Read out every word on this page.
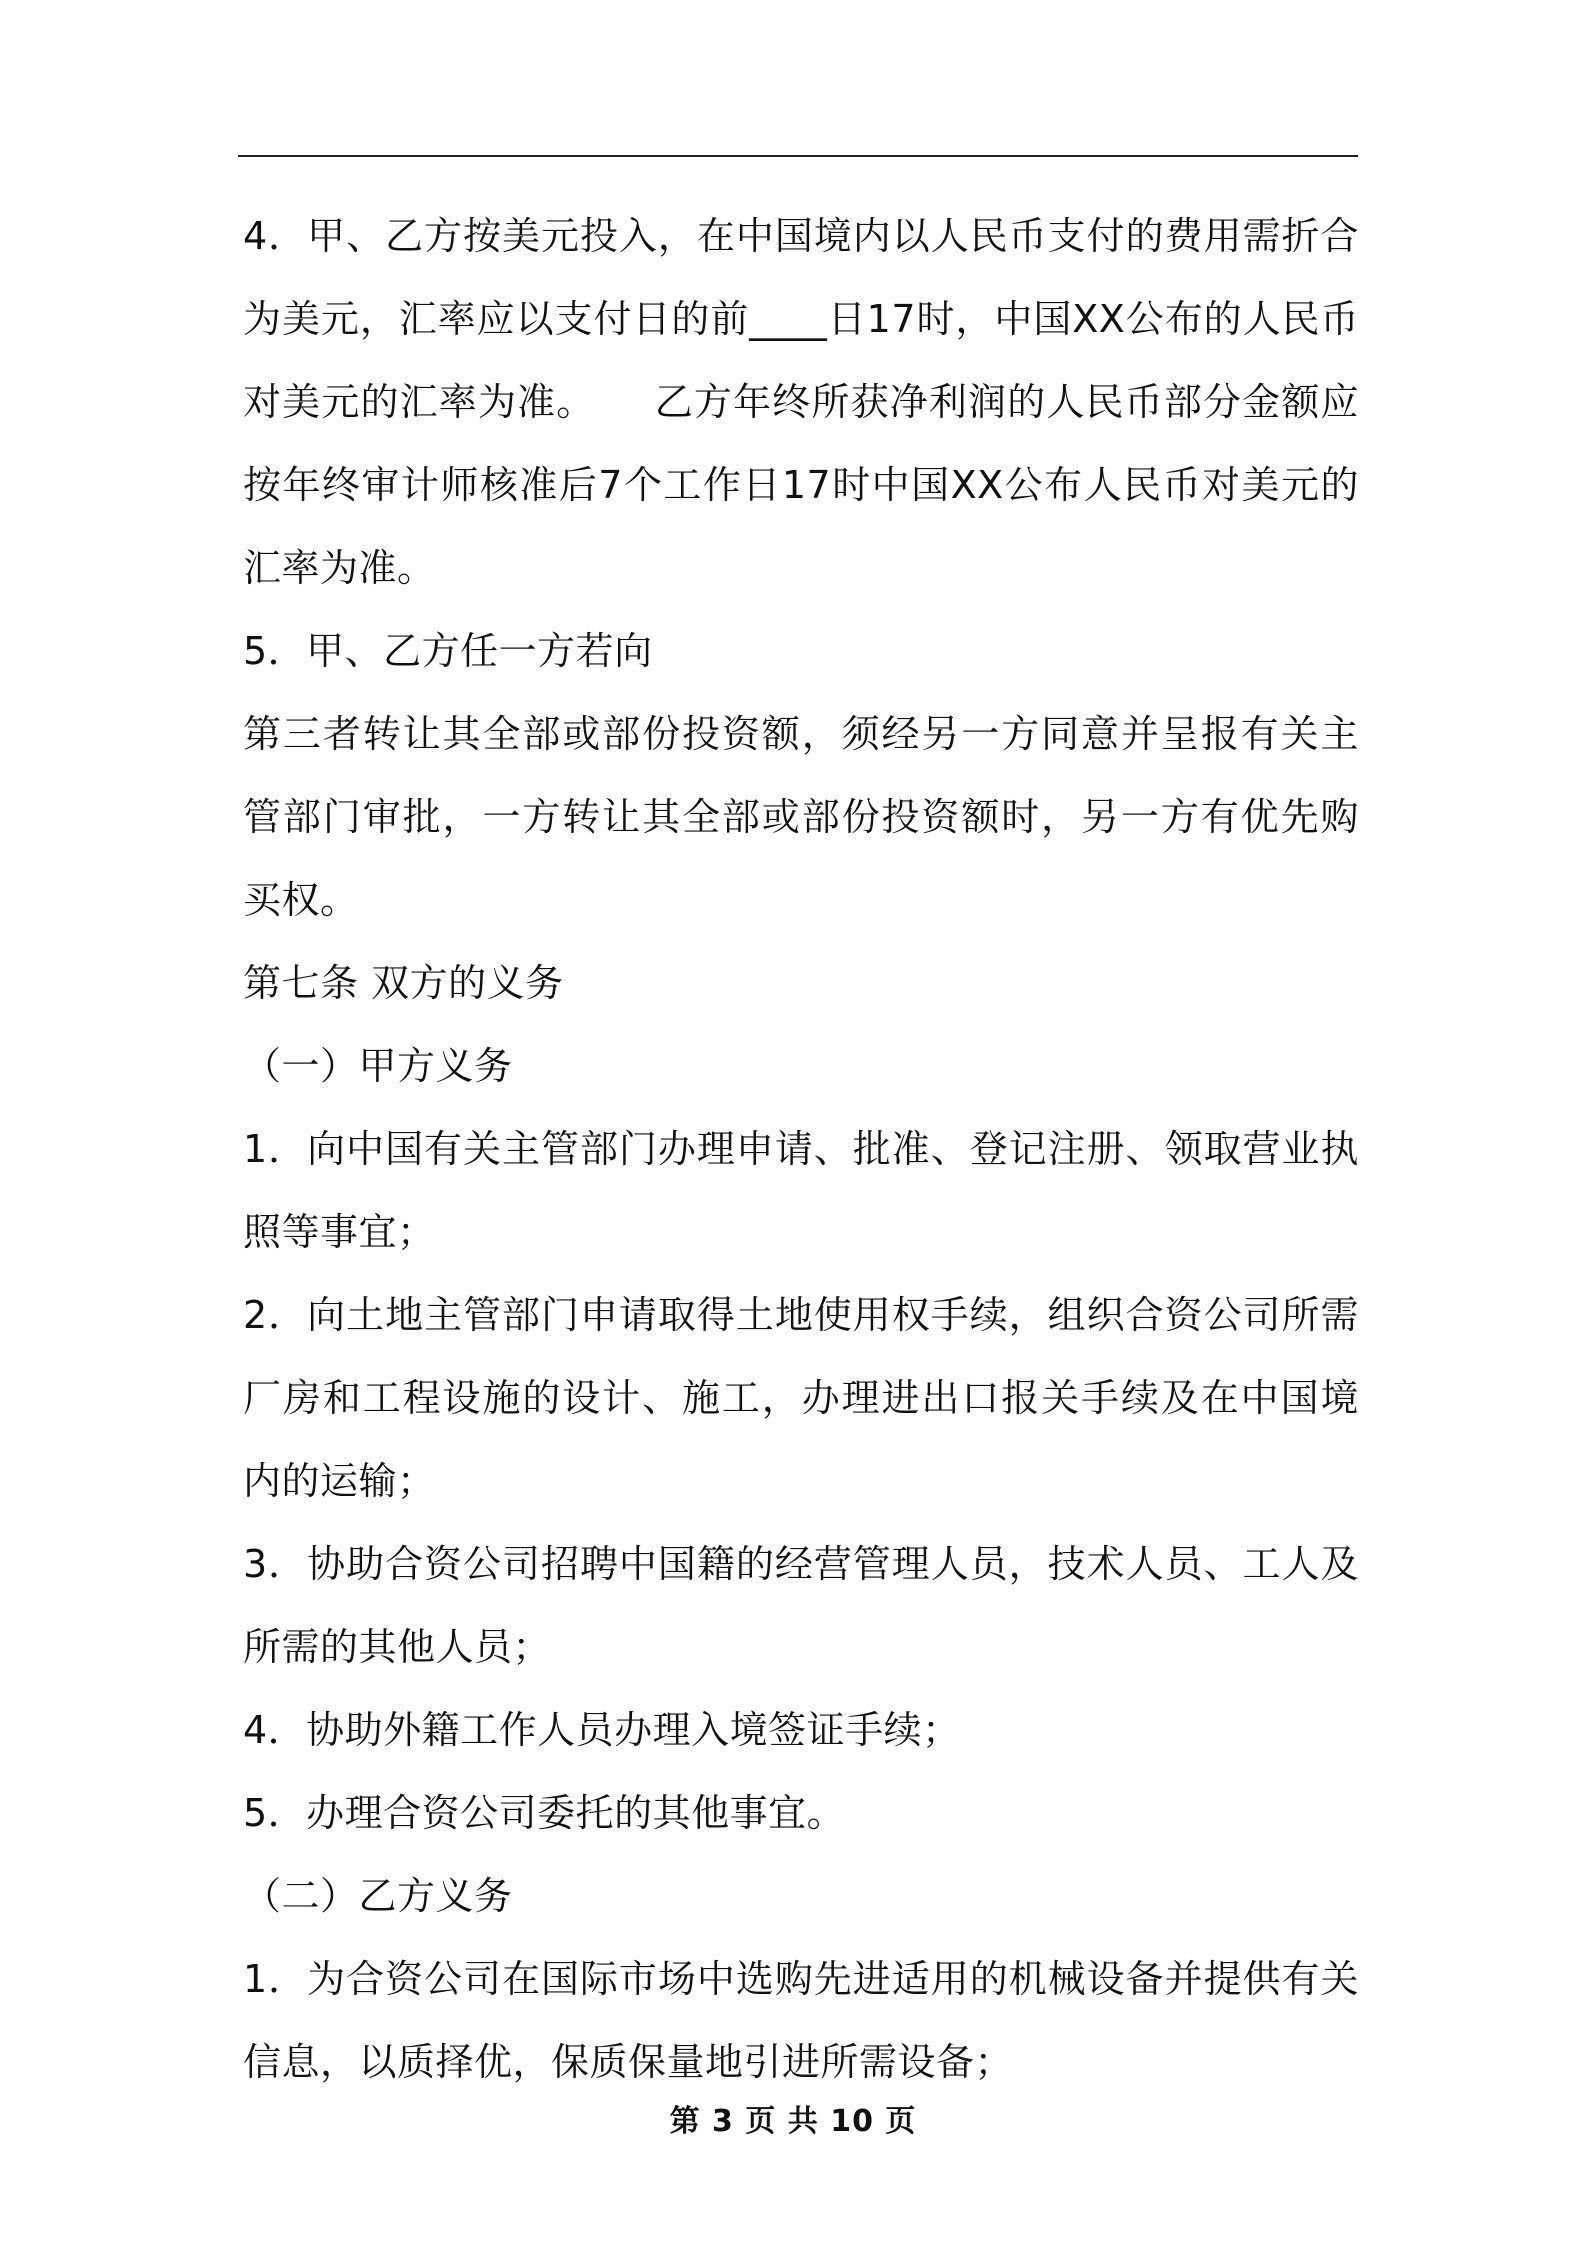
4．甲、乙方按美元投入，在中国境内以人民币支付的费用需折合为美元，汇率应以支付日的前____日17时，中国XX公布的人民币对美元的汇率为准。　　乙方年终所获净利润的人民币部分金额应按年终审计师核准后7个工作日17时中国XX公布人民币对美元的汇率为准。

5．甲、乙方任一方若向

第三者转让其全部或部份投资额，须经另一方同意并呈报有关主管部门审批，一方转让其全部或部份投资额时，另一方有优先购买权。

第七条 双方的义务

（一）甲方义务

1．向中国有关主管部门办理申请、批准、登记注册、领取营业执照等事宜；

2．向土地主管部门申请取得土地使用权手续，组织合资公司所需厂房和工程设施的设计、施工，办理进出口报关手续及在中国境内的运输；

3．协助合资公司招聘中国籍的经营管理人员，技术人员、工人及所需的其他人员；

4．协助外籍工作人员办理入境签证手续；

5．办理合资公司委托的其他事宜。

（二）乙方义务

1．为合资公司在国际市场中选购先进适用的机械设备并提供有关信息，以质择优，保质保量地引进所需设备；

第 3 页 共 10 页
